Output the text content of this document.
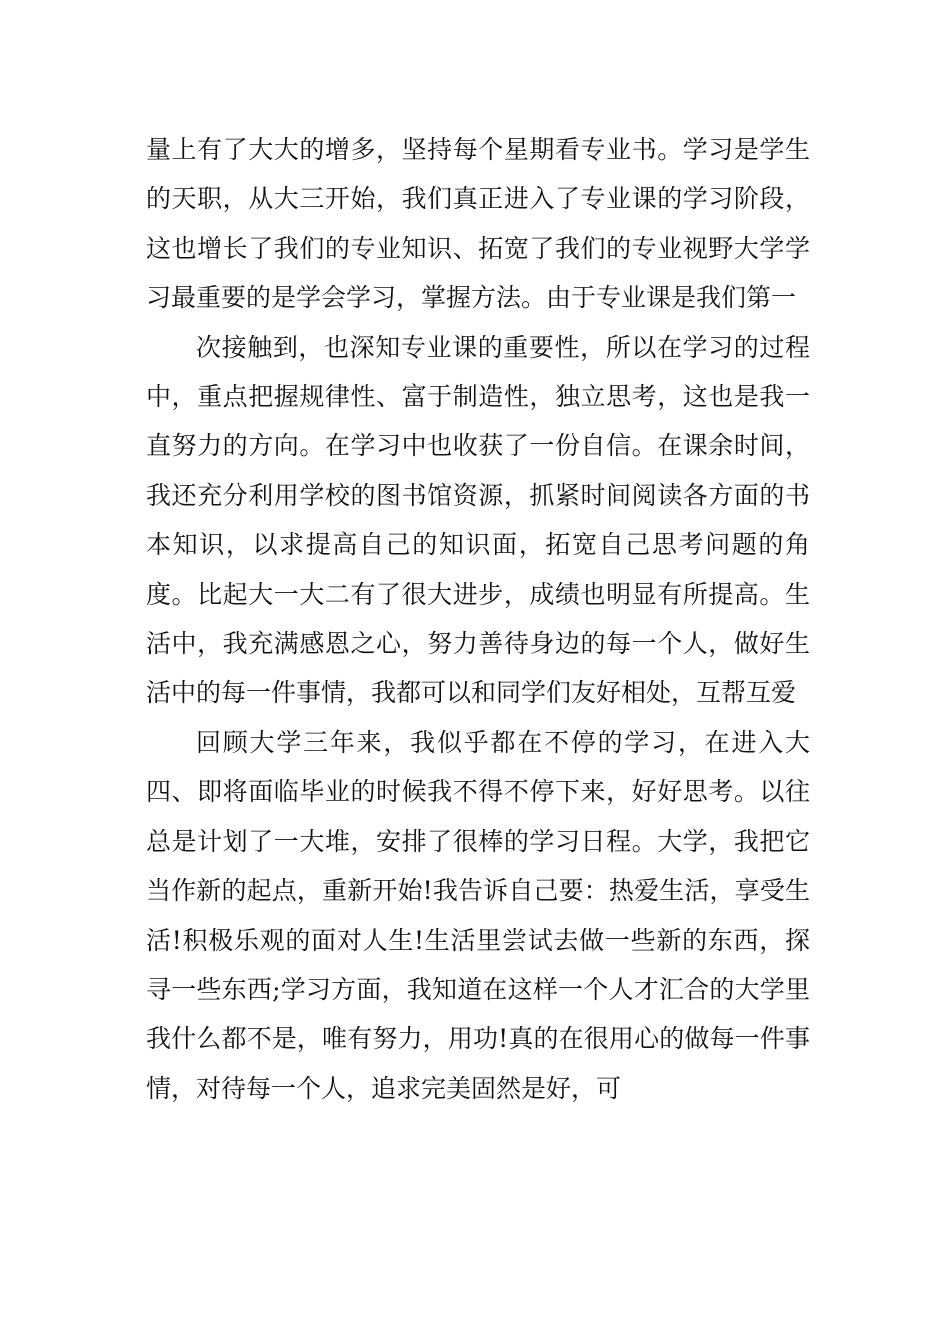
量上有了大大的增多，坚持每个星期看专业书。学习是学生的天职，从大三开始，我们真正进入了专业课的学习阶段，这也增长了我们的专业知识、拓宽了我们的专业视野大学学习最重要的是学会学习，掌握方法。由于专业课是我们第一

次接触到，也深知专业课的重要性，所以在学习的过程中，重点把握规律性、富于制造性，独立思考，这也是我一直努力的方向。在学习中也收获了一份自信。在课余时间，我还充分利用学校的图书馆资源，抓紧时间阅读各方面的书本知识，以求提高自己的知识面，拓宽自己思考问题的角度。比起大一大二有了很大进步，成绩也明显有所提高。生活中，我充满感恩之心，努力善待身边的每一个人，做好生活中的每一件事情，我都可以和同学们友好相处，互帮互爱

回顾大学三年来，我似乎都在不停的学习，在进入大四、即将面临毕业的时候我不得不停下来，好好思考。以往总是计划了一大堆，安排了很棒的学习日程。大学，我把它当作新的起点，重新开始!我告诉自己要：热爱生活，享受生活!积极乐观的面对人生!生活里尝试去做一些新的东西，探寻一些东西;学习方面，我知道在这样一个人才汇合的大学里我什么都不是，唯有努力，用功!真的在很用心的做每一件事情，对待每一个人，追求完美固然是好，可
